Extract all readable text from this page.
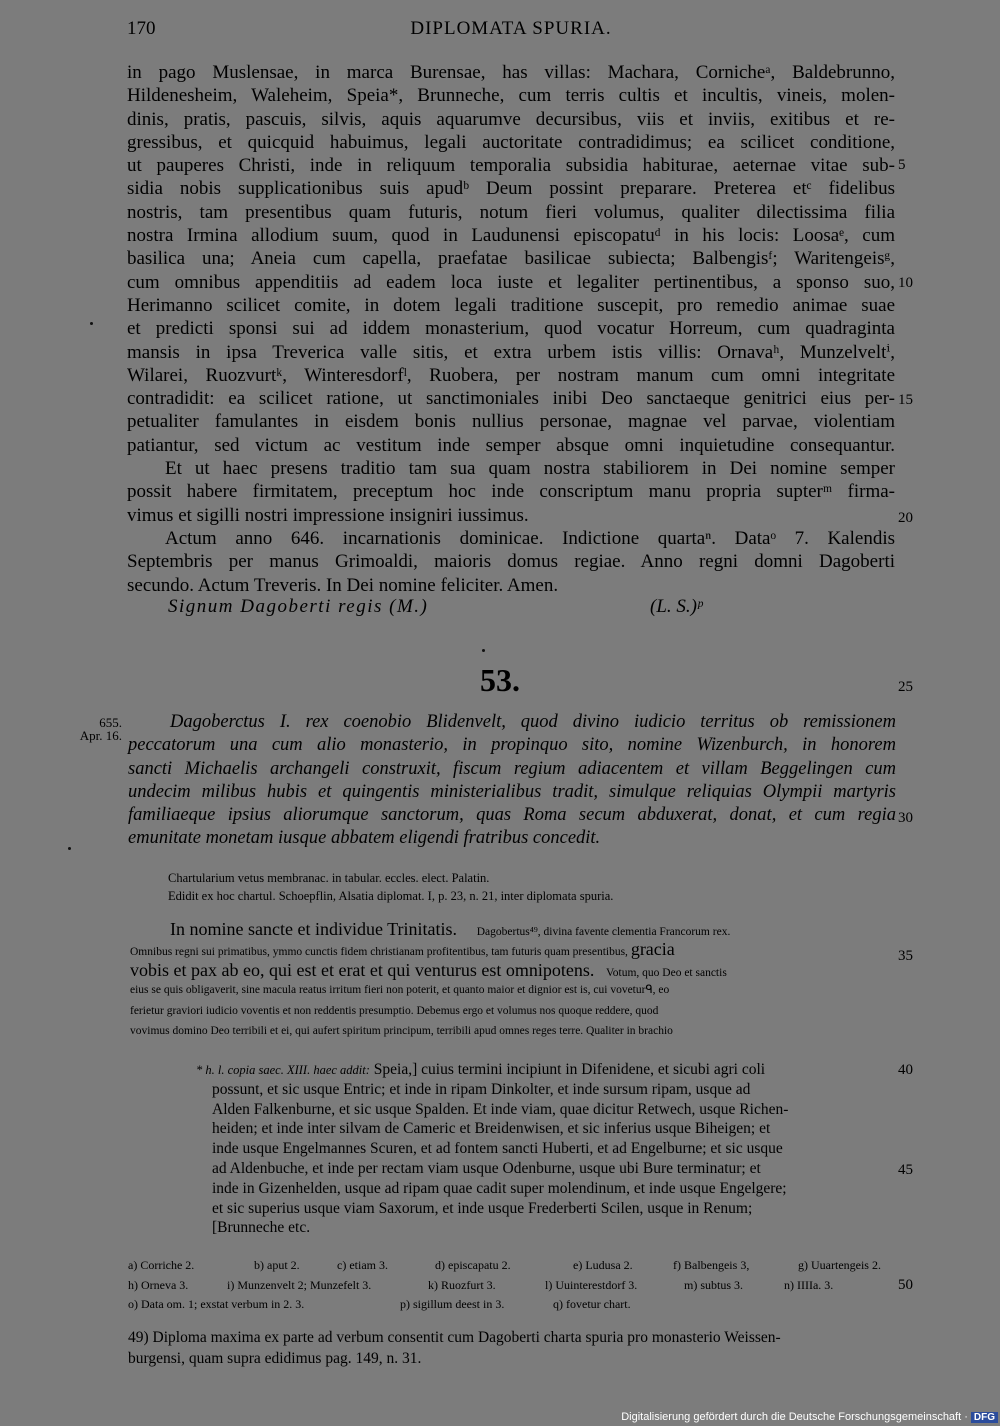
170	DIPLOMATA SPURIA.
in pago Muslensae, in marca Burensae, has villas: Machara, Cornicheᵃ, Baldebrunno,
Hildenesheim, Waleheim, Speia*, Brunneche, cum terris cultis et incultis, vineis, molen-
dinis, pratis, pascuis, silvis, aquis aquarumve decursibus, viis et inviis, exitibus et re-
gressibus, et quicquid habuimus, legali auctoritate contradidimus; ea scilicet conditione,
ut pauperes Christi, inde in reliquum temporalia subsidia habiturae, aeternae vitae sub-
sidia nobis supplicationibus suis apudᵇ Deum possint preparare. Preterea etᶜ fidelibus
nostris, tam presentibus quam futuris, notum fieri volumus, qualiter dilectissima filia
nostra Irmina allodium suum, quod in Laudunensi episcopatuᵈ in his locis: Loosaᵉ, cum
basilica una; Aneia cum capella, praefatae basilicae subiecta; Balbengisᶠ; Waritengeisᵍ,
cum omnibus appenditiis ad eadem loca iuste et legaliter pertinentibus, a sponso suo,
Herimanno scilicet comite, in dotem legali traditione suscepit, pro remedio animae suae
et predicti sponsi sui ad iddem monasterium, quod vocatur Horreum, cum quadraginta
mansis in ipsa Treverica valle sitis, et extra urbem istis villis: Ornavaʰ, Munzelveltⁱ,
Wilarei, Ruozvurtᵏ, Winteresdorfˡ, Ruobera, per nostram manum cum omni integritate
contradidit: ea scilicet ratione, ut sanctimoniales inibi Deo sanctaeque genitrici eius per-
petualiter famulantes in eisdem bonis nullius personae, magnae vel parvae, violentiam
patiantur, sed victum ac vestitum inde semper absque omni inquietudine consequantur.
Et ut haec presens traditio tam sua quam nostra stabiliorem in Dei nomine semper
possit habere firmitatem, preceptum hoc inde conscriptum manu propria supterᵐ firma-
vimus et sigilli nostri impressione insigniri iussimus.
Actum anno 646. incarnationis dominicae. Indictione quartaⁿ. Dataᵒ 7. Kalendis
Septembris per manus Grimoaldi, maioris domus regiae. Anno regni domni Dagoberti
secundo. Actum Treveris. In Dei nomine feliciter. Amen.
Signum Dagoberti regis (M.)	(L. S.)ᵖ
5
10
15
20
25
30
35
40
45
50
53.
655.
Apr. 16.
Dagoberctus I. rex coenobio Blidenvelt, quod divino iudicio territus ob remissionem
peccatorum una cum alio monasterio, in propinquo sito, nomine Wizenburch, in honorem
sancti Michaelis archangeli construxit, fiscum regium adiacentem et villam Beggelingen cum
undecim milibus hubis et quingentis ministerialibus tradit, simulque reliquias Olympii martyris
familiaeque ipsius aliorumque sanctorum, quas Roma secum abduxerat, donat, et cum regia
emunitate monetam iusque abbatem eligendi fratribus concedit.
Chartularium vetus membranac. in tabular. eccles. elect. Palatin.
Edidit ex hoc chartul. Schoepflin, Alsatia diplomat. I, p. 23, n. 21, inter diplomata spuria.
In nomine sancte et individue Trinitatis. Dagobertus⁴⁹, divina favente clementia Francorum rex.
Omnibus regni sui primatibus, ymmo cunctis fidem christianam profitentibus, tam futuris quam presentibus, gracia
vobis et pax ab eo, qui est et erat et qui venturus est omnipotens. Votum, quo Deo et sanctis
eius se quis obligaverit, sine macula reatus irritum fieri non poterit, et quanto maior et dignior est is, cui voveturᑫ, eo
ferietur graviori iudicio voventis et non reddentis presumptio. Debemus ergo et volumus nos quoque reddere, quod
vovimus domino Deo terribili et ei, qui aufert spiritum principum, terribili apud omnes reges terre. Qualiter in brachio
* h. l. copia saec. XIII. haec addit: Speia,] cuius termini incipiunt in Difenidene, et sicubi agri coli
possunt, et sic usque Entric; et inde in ripam Dinkolter, et inde sursum ripam, usque ad
Alden Falkenburne, et sic usque Spalden. Et inde viam, quae dicitur Retwech, usque Richen-
heiden; et inde inter silvam de Cameric et Breidenwisen, et sic inferius usque Biheigen; et
inde usque Engelmannes Scuren, et ad fontem sancti Huberti, et ad Engelburne; et sic usque
ad Aldenbuche, et inde per rectam viam usque Odenburne, usque ubi Bure terminatur; et
inde in Gizenhelden, usque ad ripam quae cadit super molendinum, et inde usque Engelgere;
et sic superius usque viam Saxorum, et inde usque Frederberti Scilen, usque in Renum;
[Brunneche etc.
a) Corriche 2.	b) aput 2.	c) etiam 3.	d) episcapatu 2.	e) Ludusa 2.	f) Balbengeis 3,	g) Uuartengeis 2.
h) Orneva 3.	i) Munzenvelt 2; Munzefelt 3.	k) Ruozfurt 3.	l) Uuinterestdorf 3.	m) subtus 3.	n) IIIIa. 3.
o) Data om. 1; exstat verbum in 2. 3.	p) sigillum deest in 3.	q) fovetur chart.
49) Diploma maxima ex parte ad verbum consentit cum Dagoberti charta spuria pro monasterio Weissen-
burgensi, quam supra edidimus pag. 149, n. 31.
Digitalisierung gefördert durch die Deutsche Forschungsgemeinschaft · DFG
